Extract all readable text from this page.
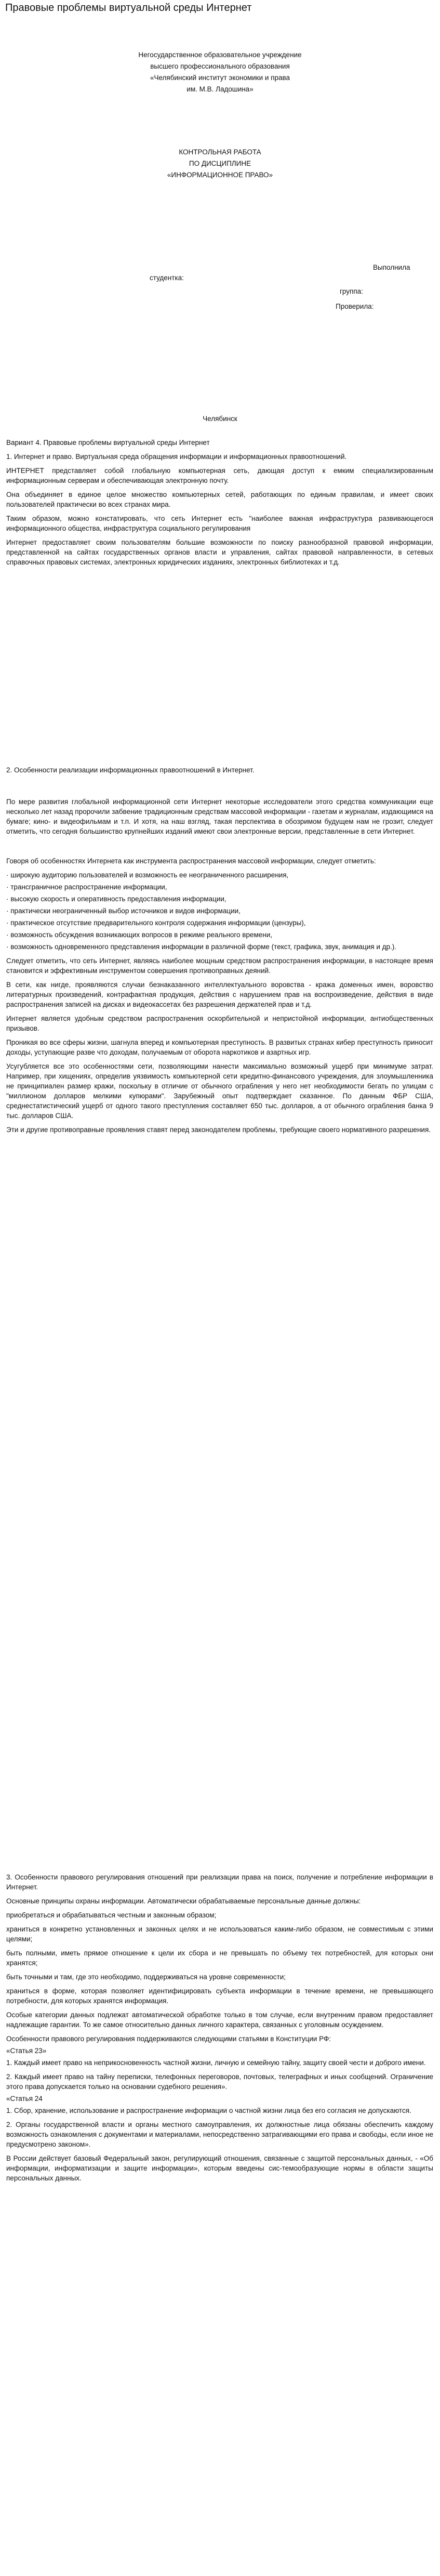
Правовые проблемы виртуальной среды Интернет
Негосударственное образовательное учреждение
высшего профессионального образования
«Челябинский институт экономики и права
им. М.В. Ладошина»
КОНТРОЛЬНАЯ РАБОТА
ПО ДИСЦИПЛИНЕ
«ИНФОРМАЦИОННОЕ ПРАВО»
Выполнила
студентка:
группа:
Проверила:
Челябинск

Вариант 4. Правовые проблемы виртуальной среды Интернет

1. Интернет и право. Виртуальная среда обращения информации и информационных правоотношений.

ИНТЕРНЕТ представляет собой глобальную компьютерная сеть, дающая доступ к емким специализированным информационным серверам и обеспечивающая электронную почту.

Она объединяет в единое целое множество компьютерных сетей, работающих по единым правилам, и имеет своих пользователей практически во всех странах мира.

Таким образом, можно констатировать, что сеть Интернет есть "наиболее важная инфраструктура развивающегося информационного общества, инфраструктура социального регулирования

Интернет предоставляет своим пользователям большие возможности по поиску разнообразной правовой информации, представленной на сайтах государственных органов власти и управления, сайтах правовой направленности, в сетевых справочных правовых системах, электронных юридических изданиях, электронных библиотеках и т.д.

2. Особенности реализации информационных правоотношений в Интернет.

По мере развития глобальной информационной сети Интернет некоторые исследователи этого средства коммуникации еще несколько лет назад пророчили забвение традиционным средствам массовой информации - газетам и журналам, издающимся на бумаге; кино- и видеофильмам и т.п. И хотя, на наш взгляд, такая перспектива в обозримом будущем нам не грозит, следует отметить, что сегодня большинство крупнейших изданий имеют свои электронные версии, представленные в сети Интернет.

Говоря об особенностях Интернета как инструмента распространения массовой информации, следует отметить:

· широкую аудиторию пользователей и возможность ее неограниченного расширения,

· трансграничное распространение информации,

· высокую скорость и оперативность предоставления информации,

· практически неограниченный выбор источников и видов информации,

· практическое отсутствие предварительного контроля содержания информации (цензуры),

· возможность обсуждения возникающих вопросов в режиме реального времени,

· возможность одновременного представления информации в различной форме (текст, графика, звук, анимация и др.).

Следует отметить, что сеть Интернет, являясь наиболее мощным средством распространения информации, в настоящее время становится и эффективным инструментом совершения противоправных деяний.

В сети, как нигде, проявляются случаи безнаказанного интеллектуального воровства - кража доменных имен, воровство литературных произведений, контрафактная продукция, действия с нарушением прав на воспроизведение, действия в виде распространения записей на дисках и видеокассетах без разрешения держателей прав и т.д.

Интернет является удобным средством распространения оскорбительной и непристойной информации, антиобщественных призывов.

Проникая во все сферы жизни, шагнула вперед и компьютерная преступность. В развитых странах кибер преступность приносит доходы, уступающие разве что доходам, получаемым от оборота наркотиков и азартных игр.

Усугубляется все это особенностями сети, позволяющими нанести максимально возможный ущерб при минимуме затрат. Например, при хищениях, определив уязвимость компьютерной сети кредитно-финансового учреждения, для злоумышленника не принципиален размер кражи, поскольку в отличие от обычного ограбления у него нет необходимости бегать по улицам с "миллионом долларов мелкими купюрами". Зарубежный опыт подтверждает сказанное. По данным ФБР США, среднестатистический ущерб от одного такого преступления составляет 650 тыс. долларов, а от обычного ограбления банка 9 тыс. долларов США.

Эти и другие противоправные проявления ставят перед законодателем проблемы, требующие своего нормативного разрешения.

3. Особенности правового регулирования отношений при реализации права на поиск, получение и потребление информации в Интернет.

Основные принципы охраны информации. Автоматически обрабатываемые персональные данные должны:

приобретаться и обрабатываться честным и законным образом;

храниться в конкретно установленных и законных целях и не использоваться каким-либо образом, не совместимым с этими целями;

быть полными, иметь прямое отношение к цели их сбора и не превышать по объему тех потребностей, для которых они хранятся;

быть точными и там, где это необходимо, поддерживаться на уровне современности;

храниться в форме, которая позволяет идентифицировать субъекта информации в течение времени, не превышающего потребности, для которых хранятся информация.

Особые категории данных подлежат автоматической обработке только в том случае, если внутренним правом предоставляет надлежащие гарантии. То же самое относительно данных личного характера, связанных с уголовным осуждением.

Особенности правового регулирования поддерживаются следующими статьями в Конституции РФ:

«Статья 23»

1. Каждый имеет право на неприкосновенность частной жизни, личную и семейную тайну, защиту своей чести и доброго имени.

2. Каждый имеет право на тайну переписки, телефонных переговоров, почтовых, телеграфных и иных сообщений. Ограничение этого права допускается только на основании судебного решения».

«Статья 24

1. Сбор, хранение, использование и распространение информации о частной жизни лица без его согласия не допускаются.

2. Органы государственной власти и органы местного самоуправления, их должностные лица обязаны обеспечить каждому возможность ознакомления с документами и материалами, непосредственно затрагивающими его права и свободы, если иное не предусмотрено законом».

В России действует базовый Федеральный закон, регулирующий отношения, связанные с защитой персональных данных, - «Об информации, информатизации и защите информации», которым введены сис-темообразующие нормы в области защиты персональных данных.
